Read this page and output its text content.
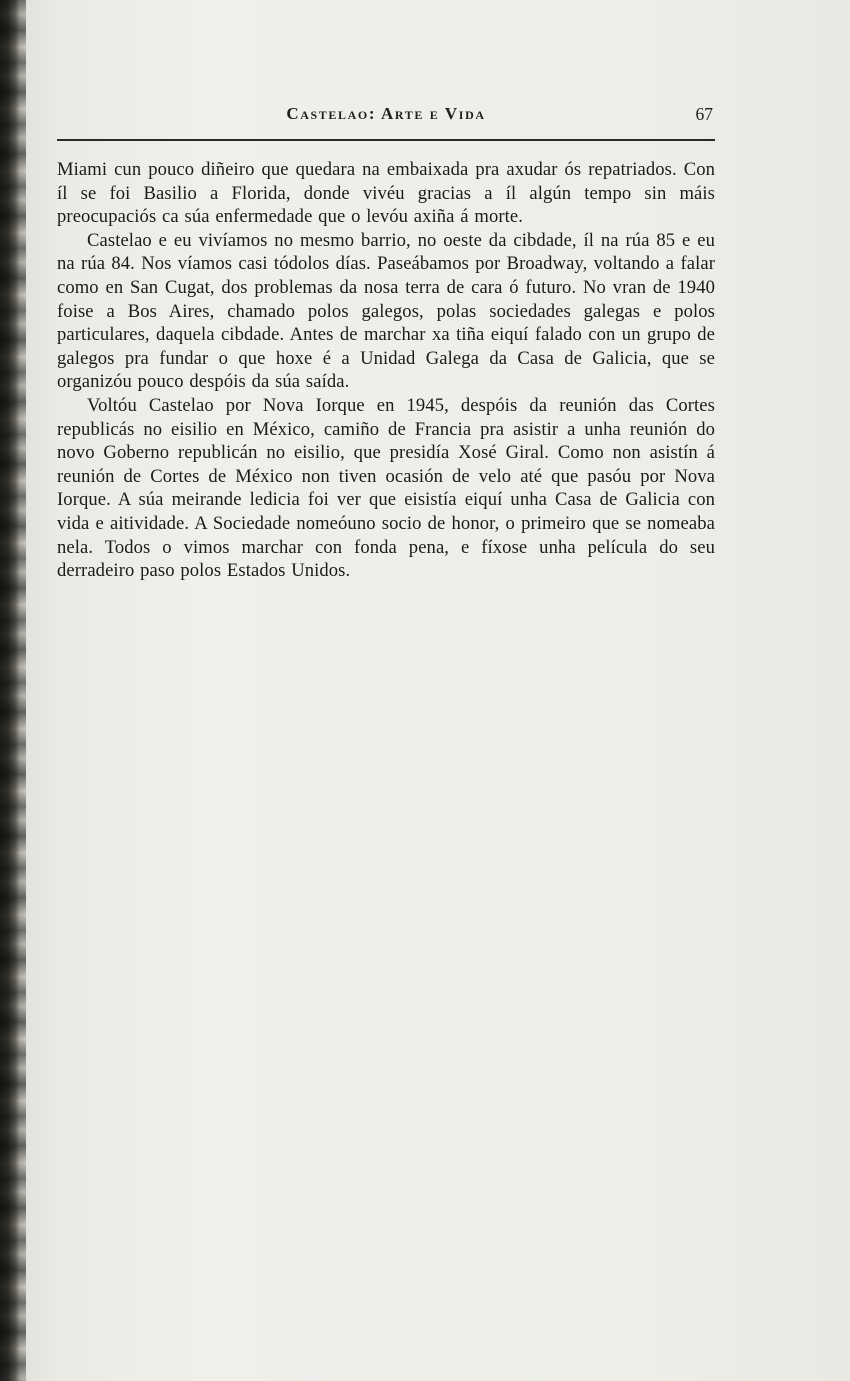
Castelao: Arte e Vida	67

Miami cun pouco diñeiro que quedara na embaixada pra axudar ós repatriados. Con íl se foi Basilio a Florida, donde vivéu gracias a íl algún tempo sin máis preocupaciós ca súa enfermedade que o levóu axiña á morte.

Castelao e eu vivíamos no mesmo barrio, no oeste da cibdade, íl na rúa 85 e eu na rúa 84. Nos víamos casi tódolos días. Paseábamos por Broadway, voltando a falar como en San Cugat, dos problemas da nosa terra de cara ó futuro. No vran de 1940 foise a Bos Aires, chamado polos galegos, polas sociedades galegas e polos particulares, daquela cibdade. Antes de marchar xa tiña eiquí falado con un grupo de galegos pra fundar o que hoxe é a Unidad Galega da Casa de Galicia, que se organizóu pouco despóis da súa saída.

Voltóu Castelao por Nova Iorque en 1945, despóis da reunión das Cortes republicás no eisilio en México, camiño de Francia pra asistir a unha reunión do novo Goberno republicán no eisilio, que presidía Xosé Giral. Como non asistín á reunión de Cortes de México non tiven ocasión de velo até que pasóu por Nova Iorque. A súa meirande ledicia foi ver que eisistía eiquí unha Casa de Galicia con vida e aitividade. A Sociedade nomeóuno socio de honor, o primeiro que se nomeaba nela. Todos o vimos marchar con fonda pena, e fíxose unha película do seu derradeiro paso polos Estados Unidos.
